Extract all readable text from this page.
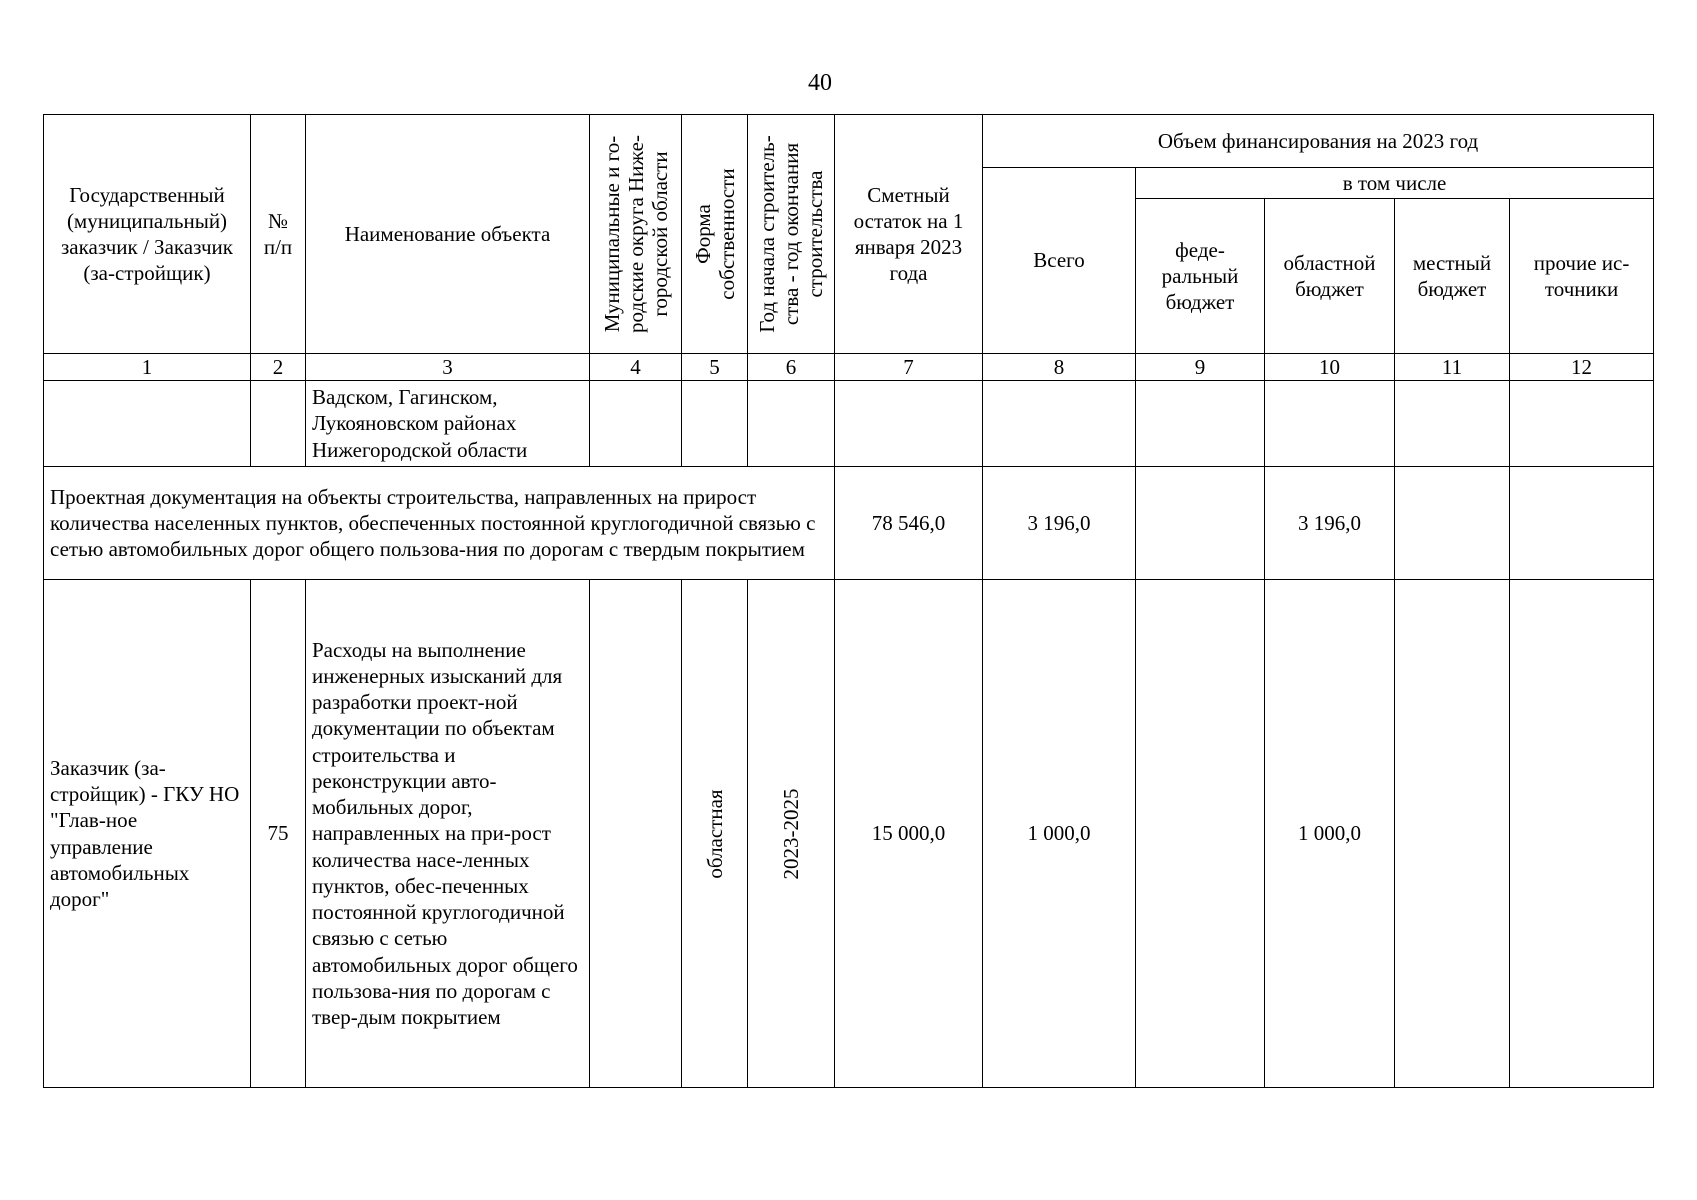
40
Государственный (муниципальный) заказчик / Заказчик (за-стройщик)	№ п/п	Наименование объекта	Муниципальные и го-родские округа Ниже-городской области	Форма собственности	Год начала строитель-ства - год окончания строительства	Сметный остаток на 1 января 2023 года	Объем финансирования на 2023 год				
							Всего	в том числе			
								феде-ральный бюджет	областной бюджет	местный бюджет	прочие ис-точники
1	2	3	4	5	6	7	8	9	10	11	12
		Вадском, Гагинском, Лукояновском районах Нижегородской области									
Проектная документация на объекты строительства, направленных на прирост количества населенных пунктов, обеспеченных постоянной круглогодичной связью с сетью автомобильных дорог общего пользова-ния по дорогам с твердым покрытием						78 546,0	3 196,0		3 196,0		
Заказчик (за-стройщик) - ГКУ НО "Глав-ное управление автомобильных дорог"	75	Расходы на выполнение инженерных изысканий для разработки проект-ной документации по объектам строительства и реконструкции авто-мобильных дорог, направленных на при-рост количества насе-ленных пунктов, обес-печенных постоянной круглогодичной связью с сетью автомобильных дорог общего пользова-ния по дорогам с твер-дым покрытием		областная	2023-2025	15 000,0	1 000,0		1 000,0		
